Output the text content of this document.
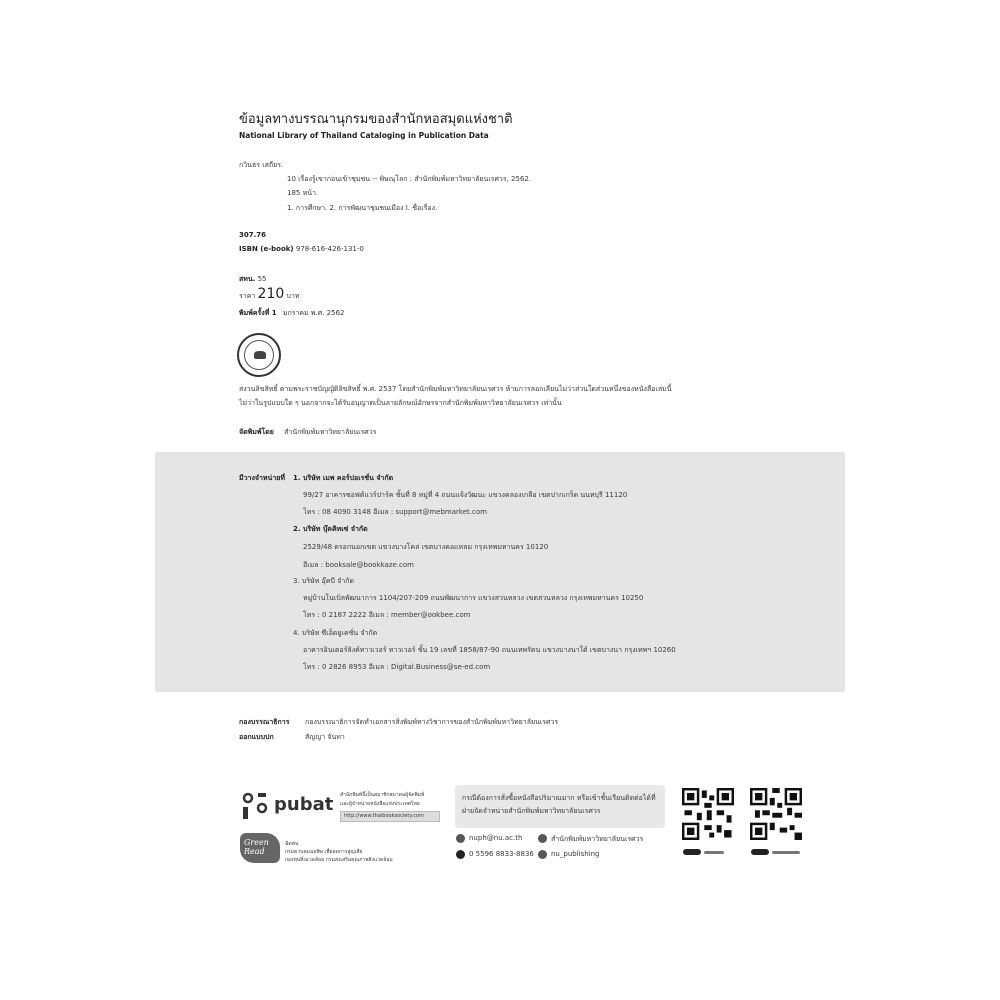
ข้อมูลทางบรรณานุกรมของสำนักหอสมุดแห่งชาติ
National Library of Thailand Cataloging in Publication Data
กวินธร เสถียร.
10 เรื่องรู้เขาก่อนเข้าชุมชน -- พิษณุโลก : สำนักพิมพ์มหาวิทยาลัยนเรศวร, 2562.
185 หน้า.
1. การศึกษา. 2. การพัฒนาชุมชนเมือง I. ชื่อเรื่อง.
307.76
ISBN (e-book) 978-616-426-131-0
สทน. 55
ราคา 210 บาท
พิมพ์ครั้งที่ 1 มกราคม พ.ศ. 2562
สงวนลิขสิทธิ์ ตามพระราชบัญญัติลิขสิทธิ์ พ.ศ. 2537 โดยสำนักพิมพ์มหาวิทยาลัยนเรศวร ห้ามการลอกเลียนไม่ว่าส่วนใดส่วนหนึ่งของหนังสือเล่มนี้
ไม่ว่าในรูปแบบใด ๆ นอกจากจะได้รับอนุญาตเป็นลายลักษณ์อักษรจากสำนักพิมพ์มหาวิทยาลัยนเรศวร เท่านั้น
จัดพิมพ์โดย สำนักพิมพ์มหาวิทยาลัยนเรศวร
มีวางจำหน่ายที่ 1. บริษัท เมพ คอร์ปอเรชั่น จำกัด
99/27 อาคารซอฟต์แวร์ปาร์ค ชั้นที่ 8 หมู่ที่ 4 ถนนแจ้งวัฒนะ แขวงคลองเกลือ เขตปากเกร็ด นนทบุรี 11120
โทร : 08 4090 3148 อีเมล : support@mebmarket.com
2. บริษัท บุ๊คคิทเซ่ จำกัด
2529/48 ตรอกนอกเขต แขวงบางโคล่ เขตบางคอแหลม กรุงเทพมหานคร 10120
อีเมล : booksale@bookkaze.com
3. บริษัท อุ๊คบี จำกัด
หมู่บ้านโนเบิลพัฒนาการ 1104/207-209 ถนนพัฒนาการ แขวงสวนหลวง เขตสวนหลวง กรุงเทพมหานคร 10250
โทร : 0 2187 2222 อีเมล : member@ookbee.com
4. บริษัท ซีเอ็ดยูเคชั่น จำกัด
อาคารอินเตอร์ลิงค์ทาวเวอร์ ทาวเวอร์ ชั้น 19 เลขที่ 1858/87-90 ถนนเทพรัตน แขวงบางนาใต้ เขตบางนา กรุงเทพฯ 10260
โทร : 0 2826 8953 อีเมล : Digital.Business@se-ed.com
กองบรรณาธิการ กองบรรณาธิการจัดทำเอกสารสิ่งพิมพ์ทางวิชาการของสำนักพิมพ์มหาวิทยาลัยนเรศวร
ออกแบบปก	สัญญา จันทา
pubat สำนักพิมพ์นี้เป็นสมาชิกสมาคมผู้จัดพิมพ์
และผู้จำหน่ายหนังสือแห่งประเทศไทย
http://www.thaibooksociety.com
Green Read
ฉีดพ่น
กรมควบคุมมลพิษ เพื่อลดการสูญเสีย
กองทุนสิ่งแวดล้อม กรมส่งเสริมคุณภาพสิ่งแวดล้อม
กรณีต้องการสั่งซื้อหนังสือปริมาณมาก หรือเข้าชั้นเรียนติดต่อได้ที่
ฝ่ายจัดจำหน่ายสำนักพิมพ์มหาวิทยาลัยนเรศวร
nuph@nu.ac.th	สำนักพิมพ์มหาวิทยาลัยนเรศวร
0 5596 8833-8836 nu_publishing
